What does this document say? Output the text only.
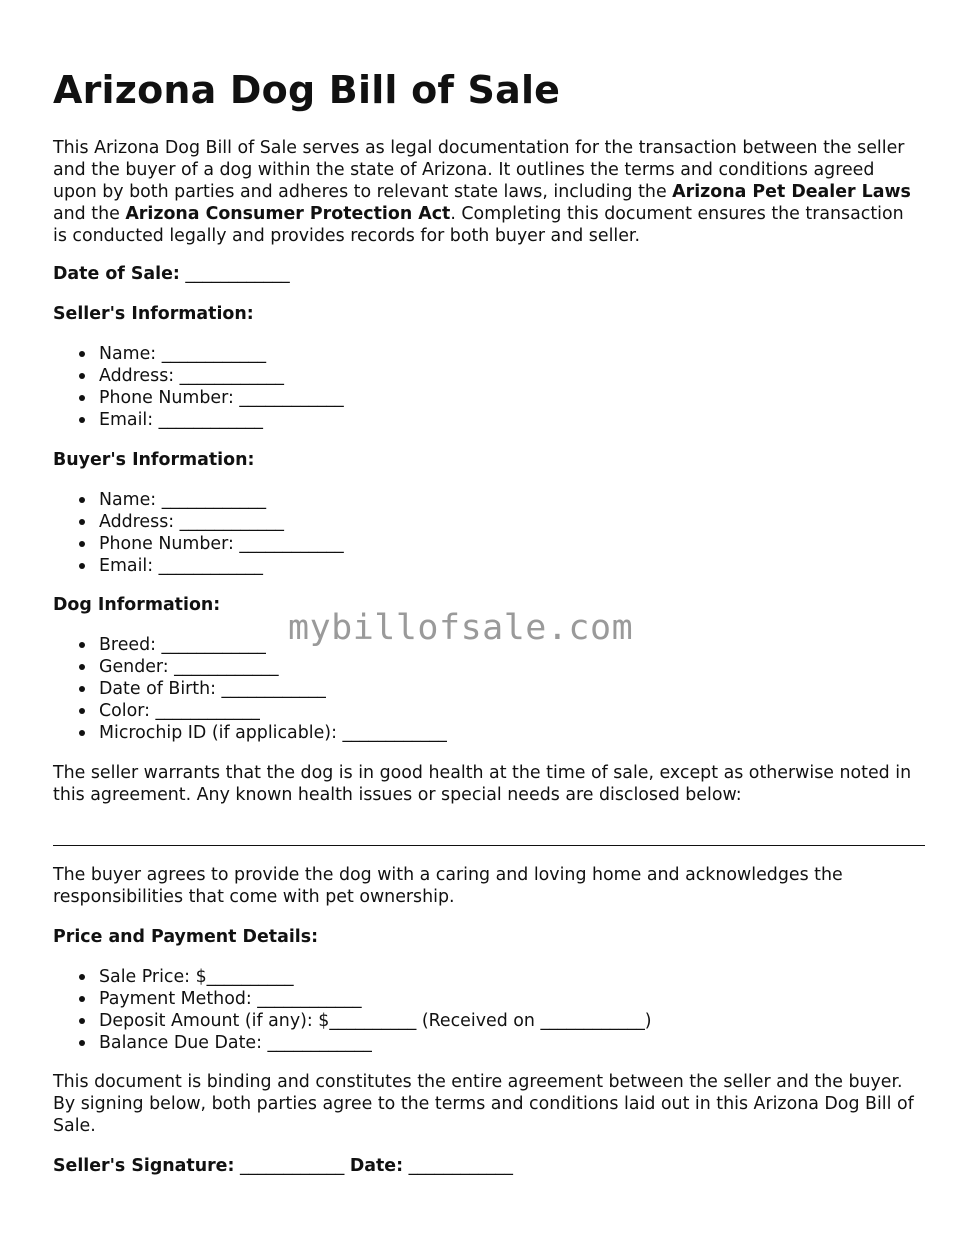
Arizona Dog Bill of Sale

This Arizona Dog Bill of Sale serves as legal documentation for the transaction between the seller and the buyer of a dog within the state of Arizona. It outlines the terms and conditions agreed upon by both parties and adheres to relevant state laws, including the Arizona Pet Dealer Laws and the Arizona Consumer Protection Act. Completing this document ensures the transaction is conducted legally and provides records for both buyer and seller.

Date of Sale: ____________

Seller's Information:

Name: ____________
Address: ____________
Phone Number: ____________
Email: ____________

Buyer's Information:

Name: ____________
Address: ____________
Phone Number: ____________
Email: ____________

Dog Information:

Breed: ____________
Gender: ____________
Date of Birth: ____________
Color: ____________
Microchip ID (if applicable): ____________

The seller warrants that the dog is in good health at the time of sale, except as otherwise noted in this agreement. Any known health issues or special needs are disclosed below:

The buyer agrees to provide the dog with a caring and loving home and acknowledges the responsibilities that come with pet ownership.

Price and Payment Details:

Sale Price: $__________
Payment Method: ____________
Deposit Amount (if any): $__________ (Received on ____________)
Balance Due Date: ____________

This document is binding and constitutes the entire agreement between the seller and the buyer. By signing below, both parties agree to the terms and conditions laid out in this Arizona Dog Bill of Sale.

Seller's Signature: ____________ Date: ____________

mybillofsale.com
